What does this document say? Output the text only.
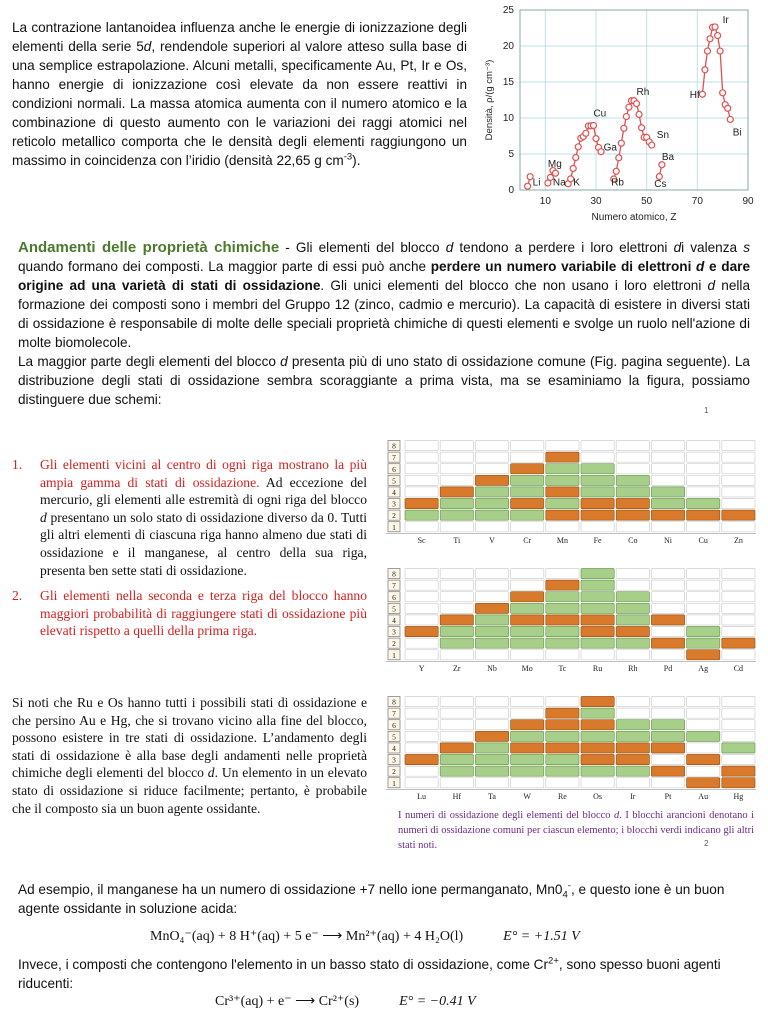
La contrazione lantanoidea influenza anche le energie di ionizzazione degli elementi della serie 5d, rendendole superiori al valore atteso sulla base di una semplice estrapolazione. Alcuni metalli, specificamente Au, Pt, Ir e Os, hanno energie di ionizzazione così elevate da non essere reattivi in condizioni normali. La massa atomica aumenta con il numero atomico e la combinazione di questo aumento con le variazioni dei raggi atomici nel reticolo metallico comporta che le densità degli elementi raggiungono un massimo in coincidenza con l’iridio (densità 22,65 g $cm^{-3}$).
10	30	50	70	90
0
5
10
15
20
25
Numero atomico, Z
Densità, ρ/(g cm⁻³)
Li
Mg
Na K
Cu
Ga
Rb
Rh
Sn
Ba
Cs
Hf
Ir
Bi
Andamenti delle proprietà chimiche - Gli elementi del blocco d tendono a perdere i loro elettroni di valenza s quando formano dei composti. La maggior parte di essi può anche perdere un numero variabile di elettroni d e dare origine ad una varietà di stati di ossidazione. Gli unici elementi del blocco che non usano i loro elettroni d nella formazione dei composti sono i membri del Gruppo 12 (zinco, cadmio e mercurio). La capacità di esistere in diversi stati di ossidazione è responsabile di molte delle speciali proprietà chimiche di questi elementi e svolge un ruolo nell'azione di molte biomolecole.
La maggior parte degli elementi del blocco d presenta più di uno stato di ossidazione comune (Fig. pagina seguente). La distribuzione degli stati di ossidazione sembra scoraggiante a prima vista, ma se esaminiamo la figura, possiamo distinguere due schemi:
1
1.	Gli elementi vicini al centro di ogni riga mostrano la più ampia gamma di stati di ossidazione. Ad eccezione del mercurio, gli elementi alle estremità di ogni riga del blocco d presentano un solo stato di ossidazione diverso da 0. Tutti gli altri elementi di ciascuna riga hanno almeno due stati di ossidazione e il manganese, al centro della sua riga, presenta ben sette stati di ossidazione.
2.	Gli elementi nella seconda e terza riga del blocco hanno maggiori probabilità di raggiungere stati di ossidazione più elevati rispetto a quelli della prima riga.
Si noti che Ru e Os hanno tutti i possibili stati di ossidazione e che persino Au e Hg, che si trovano vicino alla fine del blocco, possono esistere in tre stati di ossidazione. L’andamento degli stati di ossidazione è alla base degli andamenti nelle proprietà chimiche degli elementi del blocco d. Un elemento in un elevato stato di ossidazione si riduce facilmente; pertanto, è probabile che il composto sia un buon agente ossidante.
1
2
3
4
5
6
7
8
Sc	Ti	V	Cr	Mn	Fe	Co	Ni	Cu	Zn
1
2
3
4
5
6
7
8
Y	Zr	Nb	Mo	Tc	Ru	Rh	Pd	Ag	Cd
1
2
3
4
5
6
7
8
Lu	Hf	Ta	W	Re	Os	Ir	Pt	Au	Hg
I numeri di ossidazione degli elementi del blocco d. I blocchi arancioni denotano i numeri di ossidazione comuni per ciascun elemento; i blocchi verdi indicano gli altri stati noti.	2
Ad esempio, il manganese ha un numero di ossidazione +7 nello ione permanganato, $Mn0_4^-$, e questo ione è un buon agente ossidante in soluzione acida:
MnO₄⁻(aq) + 8 H⁺(aq) + 5 e⁻ ⟶ Mn²⁺(aq) + 4 H₂O(l)	E° = +1.51 V
Invece, i composti che contengono l'elemento in un basso stato di ossidazione, come $Cr^{2+}$, sono spesso buoni agenti riducenti:
Cr³⁺(aq) + e⁻ ⟶ Cr²⁺(s)	E° = −0.41 V
